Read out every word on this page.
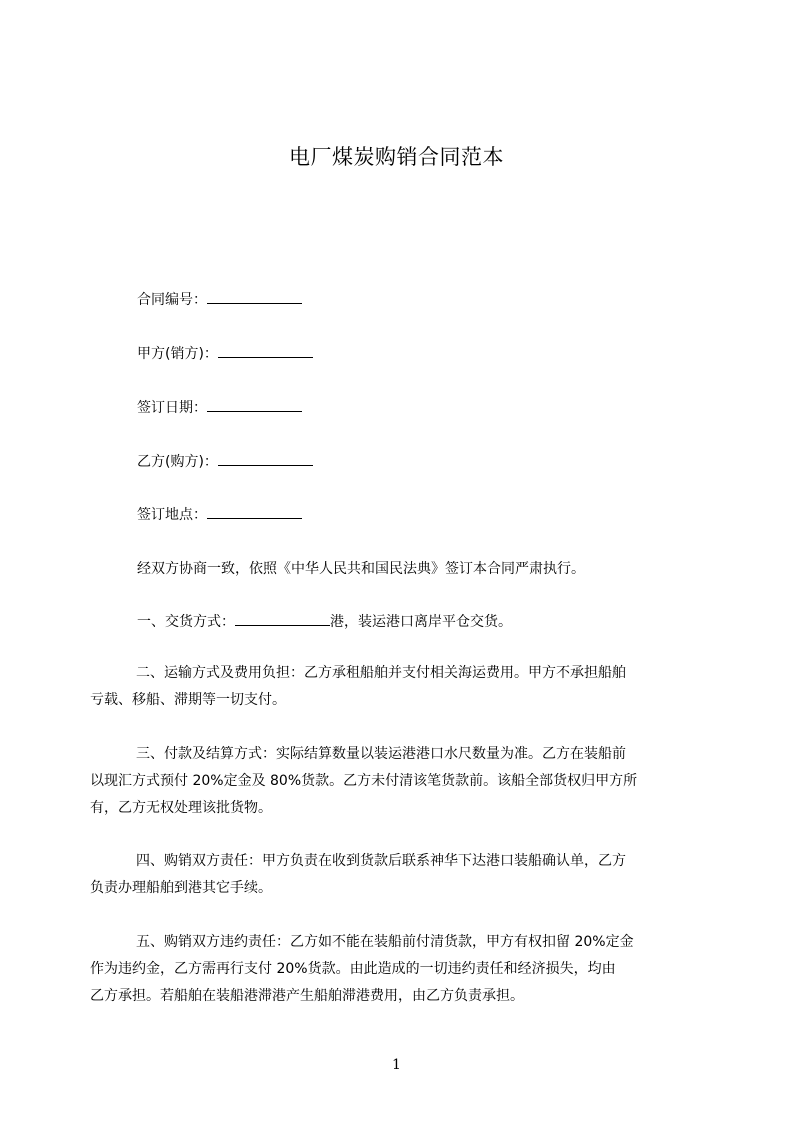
电厂煤炭购销合同范本
合同编号：
甲方(销方)：
签订日期：
乙方(购方)：
签订地点：
经双方协商一致，依照《中华人民共和国民法典》签订本合同严肃执行。
一、交货方式：	港，装运港口离岸平仓交货。
二、运输方式及费用负担：乙方承租船舶并支付相关海运费用。甲方不承担船舶
亏载、移船、滞期等一切支付。
三、付款及结算方式：实际结算数量以装运港港口水尺数量为准。乙方在装船前
以现汇方式预付 20%定金及 80%货款。乙方未付清该笔货款前。该船全部货权归甲方所
有，乙方无权处理该批货物。
四、购销双方责任：甲方负责在收到货款后联系神华下达港口装船确认单，乙方
负责办理船舶到港其它手续。
五、购销双方违约责任：乙方如不能在装船前付清货款，甲方有权扣留 20%定金
作为违约金，乙方需再行支付 20%货款。由此造成的一切违约责任和经济损失，均由
乙方承担。若船舶在装船港滞港产生船舶滞港费用，由乙方负责承担。
1
